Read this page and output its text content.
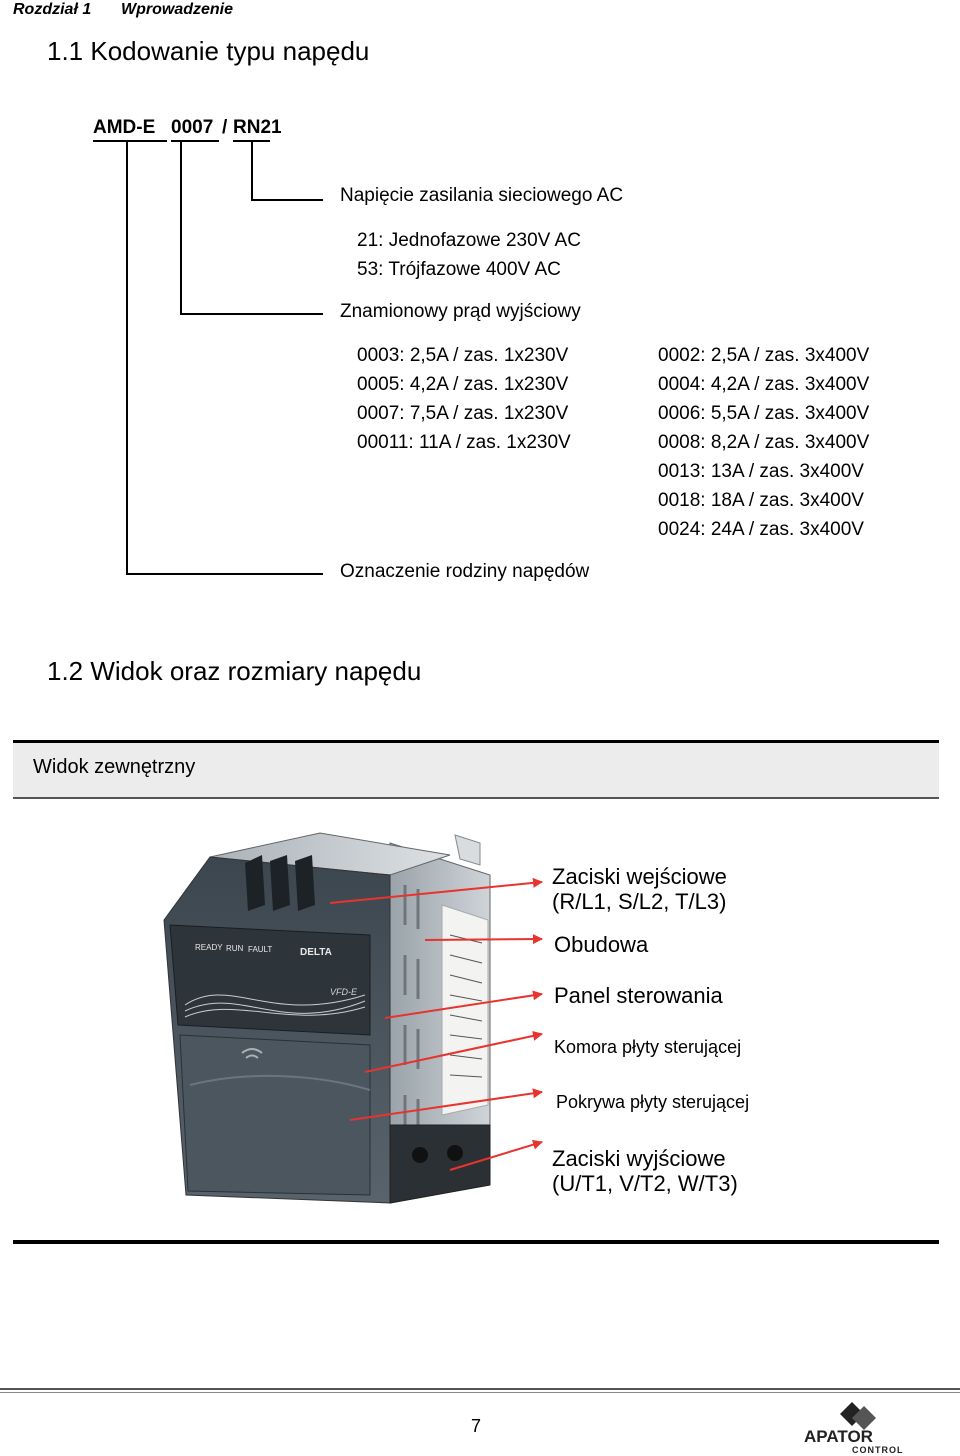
Rozdział 1 Wprowadzenie
1.1 Kodowanie typu napędu
AMD-E 0007 / RN21
Napięcie zasilania sieciowego AC
21: Jednofazowe 230V AC
53: Trójfazowe 400V AC
Znamionowy prąd wyjściowy
0003: 2,5A / zas. 1x230V
0005: 4,2A / zas. 1x230V
0007: 7,5A / zas. 1x230V
00011: 11A / zas. 1x230V
0002: 2,5A / zas. 3x400V
0004: 4,2A / zas. 3x400V
0006: 5,5A / zas. 3x400V
0008: 8,2A / zas. 3x400V
0013: 13A / zas. 3x400V
0018: 18A / zas. 3x400V
0024: 24A / zas. 3x400V
Oznaczenie rodziny napędów
1.2 Widok oraz rozmiary napędu
Widok zewnętrzny
READY RUN FAULT	DELTA
VFD-E
Zaciski wejściowe
(R/L1, S/L2, T/L3)
Obudowa
Panel sterowania
Komora płyty sterującej
Pokrywa płyty sterującej
Zaciski wyjściowe
(U/T1, V/T2, W/T3)
7
APATOR
CONTROL
